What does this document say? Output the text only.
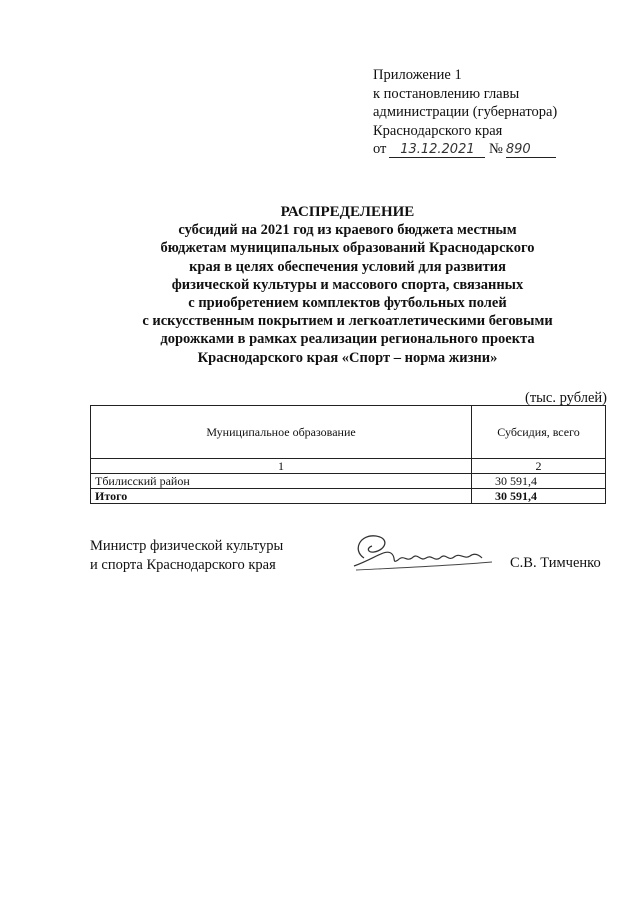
Приложение 1
к постановлению главы
администрации (губернатора)
Краснодарского края
от 13.12.2021 № 890
РАСПРЕДЕЛЕНИЕ
субсидий на 2021 год из краевого бюджета местным
бюджетам муниципальных образований Краснодарского
края в целях обеспечения условий для развития
физической культуры и массового спорта, связанных
с приобретением комплектов футбольных полей
с искусственным покрытием и легкоатлетическими беговыми
дорожками в рамках реализации регионального проекта
Краснодарского края «Спорт – норма жизни»
(тыс. рублей)
Муниципальное образование	Субсидия, всего
1	2
Тбилисский район	30 591,4
Итого	30 591,4
Министр физической культуры
и спорта Краснодарского края	С.В. Тимченко
